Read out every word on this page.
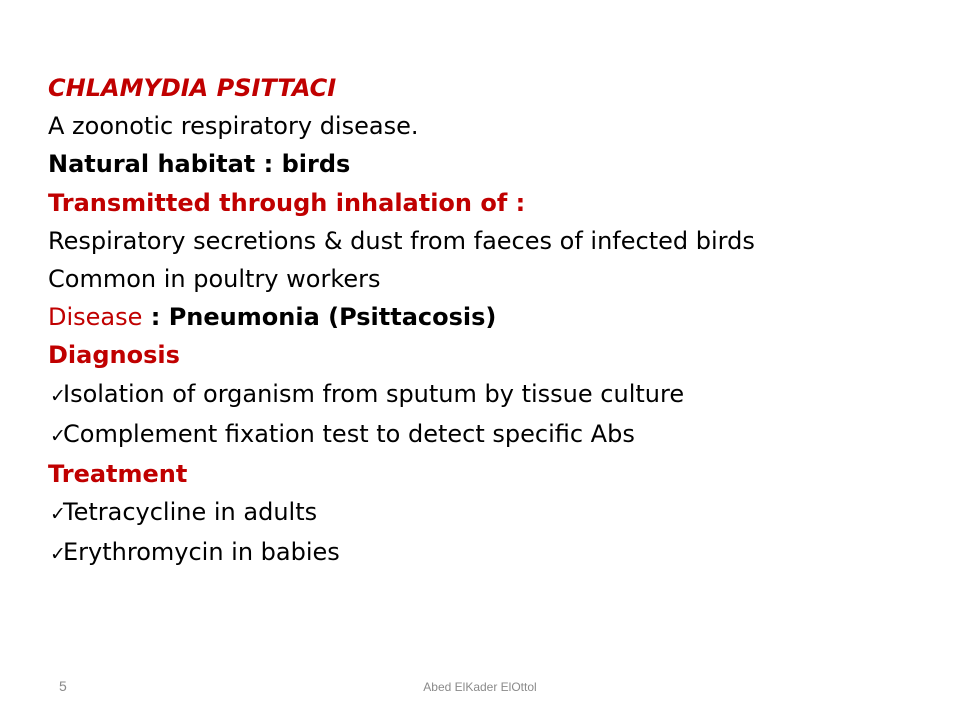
CHLAMYDIA PSITTACI
A zoonotic respiratory disease.
Natural habitat : birds
Transmitted through inhalation of :
Respiratory secretions & dust from faeces of infected birds
Common in poultry workers
Disease : Pneumonia (Psittacosis)
Diagnosis
✓Isolation of organism from sputum by tissue culture
✓Complement fixation test to detect specific Abs
Treatment
✓Tetracycline in adults
✓Erythromycin in babies
5	Abed ElKader ElOttol
